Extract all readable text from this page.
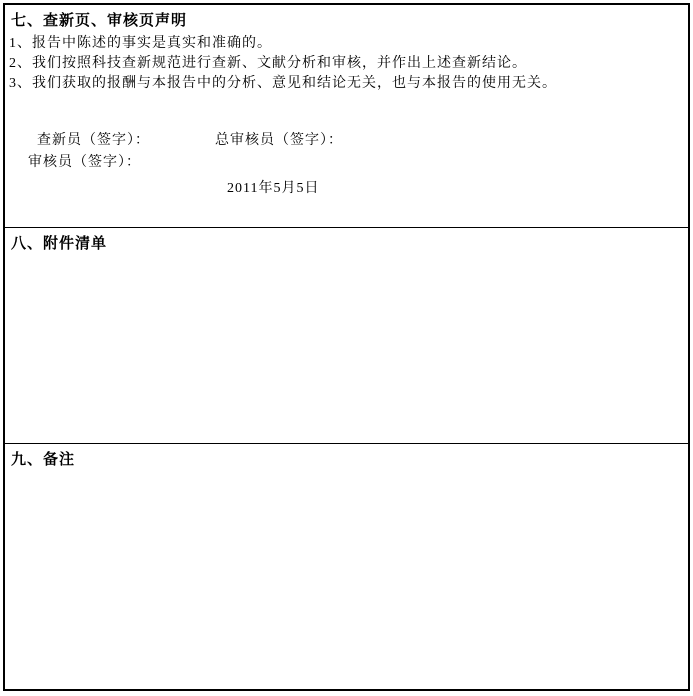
七、查新页、审核页声明
1、报告中陈述的事实是真实和准确的。
2、我们按照科技查新规范进行查新、文献分析和审核，并作出上述查新结论。
3、我们获取的报酬与本报告中的分析、意见和结论无关，也与本报告的使用无关。
查新员（签字）：	总审核员（签字）：
审核员（签字）：
2011年5月5日
八、附件清单
九、备注
